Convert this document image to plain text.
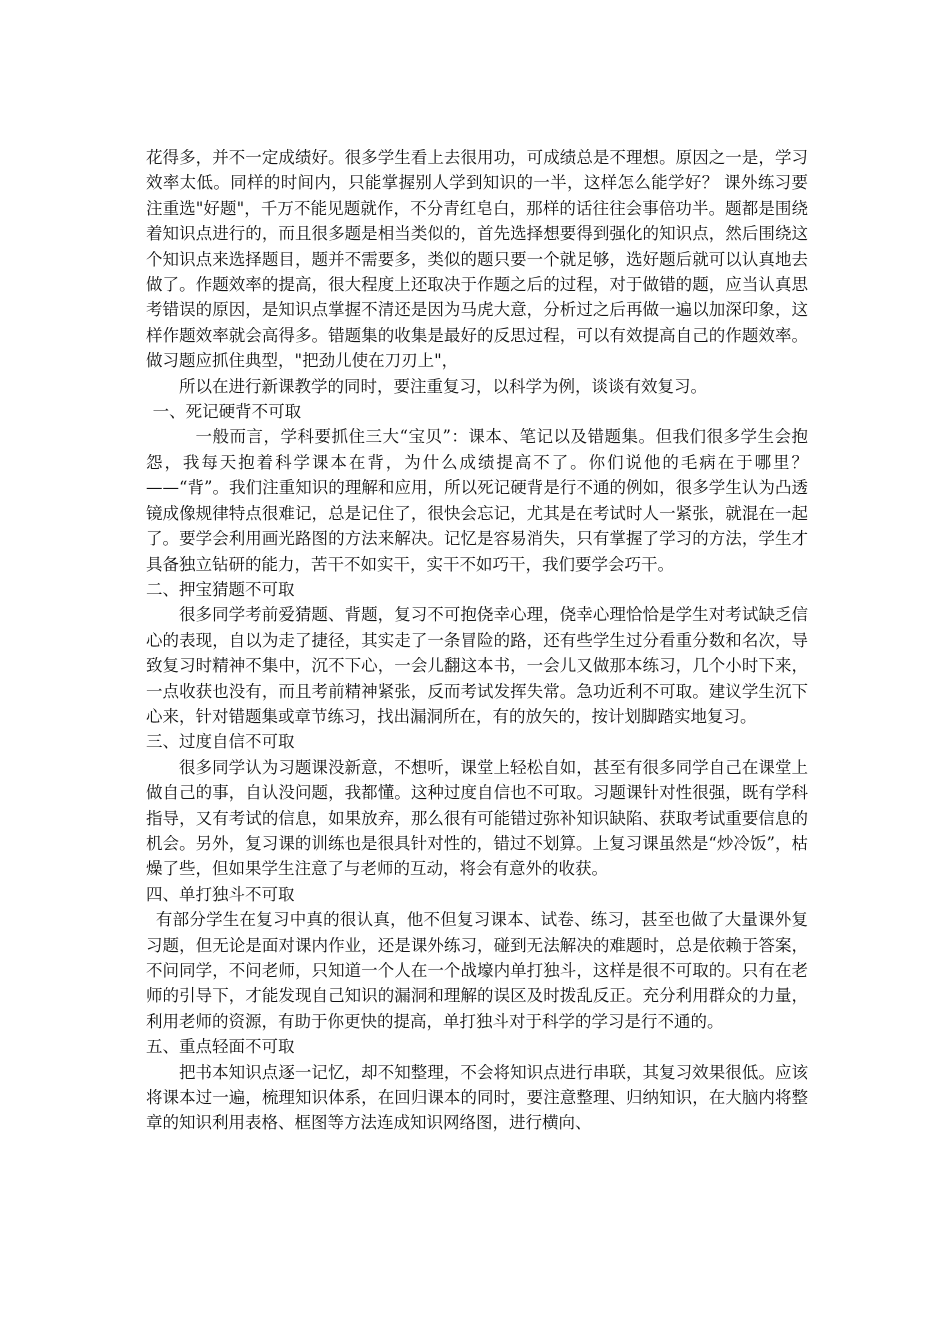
花得多，并不一定成绩好。很多学生看上去很用功，可成绩总是不理想。原因之一是，学习效率太低。同样的时间内，只能掌握别人学到知识的一半，这样怎么能学好？ 课外练习要注重选"好题"，千万不能见题就作，不分青红皂白，那样的话往往会事倍功半。题都是围绕着知识点进行的，而且很多题是相当类似的，首先选择想要得到强化的知识点，然后围绕这个知识点来选择题目，题并不需要多，类似的题只要一个就足够，选好题后就可以认真地去做了。作题效率的提高，很大程度上还取决于作题之后的过程，对于做错的题，应当认真思考错误的原因，是知识点掌握不清还是因为马虎大意，分析过之后再做一遍以加深印象，这样作题效率就会高得多。错题集的收集是最好的反思过程，可以有效提高自己的作题效率。做习题应抓住典型，"把劲儿使在刀刃上"，

所以在进行新课教学的同时，要注重复习，以科学为例，谈谈有效复习。

一、死记硬背不可取

一般而言，学科要抓住三大“宝贝”：课本、笔记以及错题集。但我们很多学生会抱怨，我每天抱着科学课本在背，为什么成绩提高不了。你们说他的毛病在于哪里？——“背”。我们注重知识的理解和应用，所以死记硬背是行不通的例如，很多学生认为凸透镜成像规律特点很难记，总是记住了，很快会忘记，尤其是在考试时人一紧张，就混在一起了。要学会利用画光路图的方法来解决。记忆是容易消失，只有掌握了学习的方法，学生才具备独立钻研的能力，苦干不如实干，实干不如巧干，我们要学会巧干。

二、押宝猜题不可取

很多同学考前爱猜题、背题，复习不可抱侥幸心理，侥幸心理恰恰是学生对考试缺乏信心的表现，自以为走了捷径，其实走了一条冒险的路，还有些学生过分看重分数和名次，导致复习时精神不集中，沉不下心，一会儿翻这本书，一会儿又做那本练习，几个小时下来，一点收获也没有，而且考前精神紧张，反而考试发挥失常。急功近利不可取。建议学生沉下心来，针对错题集或章节练习，找出漏洞所在，有的放矢的，按计划脚踏实地复习。

三、过度自信不可取

很多同学认为习题课没新意，不想听，课堂上轻松自如，甚至有很多同学自己在课堂上做自己的事，自认没问题，我都懂。这种过度自信也不可取。习题课针对性很强，既有学科指导，又有考试的信息，如果放弃，那么很有可能错过弥补知识缺陷、获取考试重要信息的机会。另外，复习课的训练也是很具针对性的，错过不划算。上复习课虽然是“炒冷饭”，枯燥了些，但如果学生注意了与老师的互动，将会有意外的收获。

四、单打独斗不可取

有部分学生在复习中真的很认真，他不但复习课本、试卷、练习，甚至也做了大量课外复习题，但无论是面对课内作业，还是课外练习，碰到无法解决的难题时，总是依赖于答案，不问同学，不问老师，只知道一个人在一个战壕内单打独斗，这样是很不可取的。只有在老师的引导下，才能发现自己知识的漏洞和理解的误区及时拨乱反正。充分利用群众的力量，利用老师的资源，有助于你更快的提高，单打独斗对于科学的学习是行不通的。

五、重点轻面不可取

把书本知识点逐一记忆，却不知整理，不会将知识点进行串联，其复习效果很低。应该将课本过一遍，梳理知识体系，在回归课本的同时，要注意整理、归纳知识，在大脑内将整章的知识利用表格、框图等方法连成知识网络图，进行横向、
